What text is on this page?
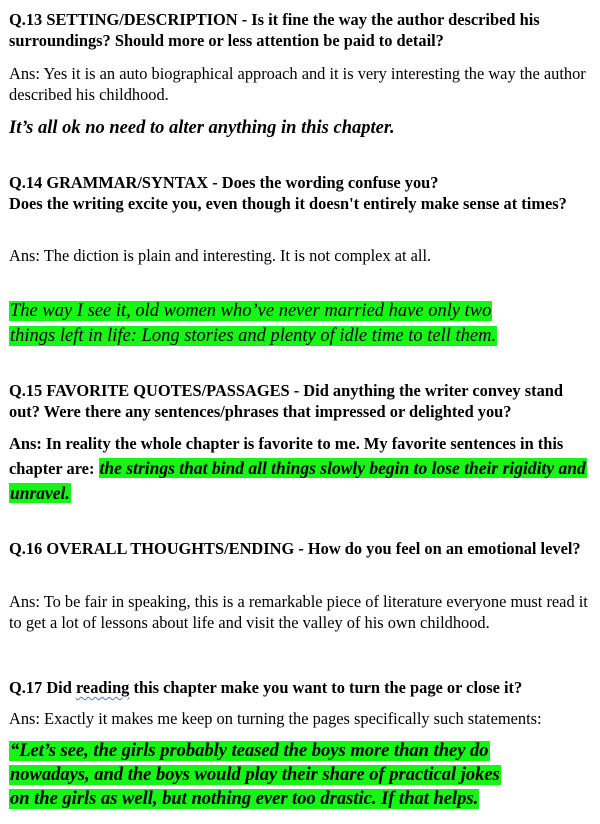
Q.13 SETTING/DESCRIPTION - Is it fine the way the author described his surroundings? Should more or less attention be paid to detail?

Ans: Yes it is an auto biographical approach and it is very interesting the way the author described his childhood.

It’s all ok no need to alter anything in this chapter.

Q.14 GRAMMAR/SYNTAX - Does the wording confuse you?
Does the writing excite you, even though it doesn't entirely make sense at times?

Ans: The diction is plain and interesting. It is not complex at all.

The way I see it, old women who’ve never married have only two
things left in life: Long stories and plenty of idle time to tell them.

Q.15 FAVORITE QUOTES/PASSAGES - Did anything the writer convey stand out? Were there any sentences/phrases that impressed or delighted you?

Ans: In reality the whole chapter is favorite to me. My favorite sentences in this chapter are: the strings that bind all things slowly begin to lose their rigidity and unravel.

Q.16 OVERALL THOUGHTS/ENDING - How do you feel on an emotional level?

Ans: To be fair in speaking, this is a remarkable piece of literature everyone must read it to get a lot of lessons about life and visit the valley of his own childhood.

Q.17 Did reading this chapter make you want to turn the page or close it?

Ans: Exactly it makes me keep on turning the pages specifically such statements:

“Let’s see, the girls probably teased the boys more than they do
nowadays, and the boys would play their share of practical jokes
on the girls as well, but nothing ever too drastic. If that helps.
